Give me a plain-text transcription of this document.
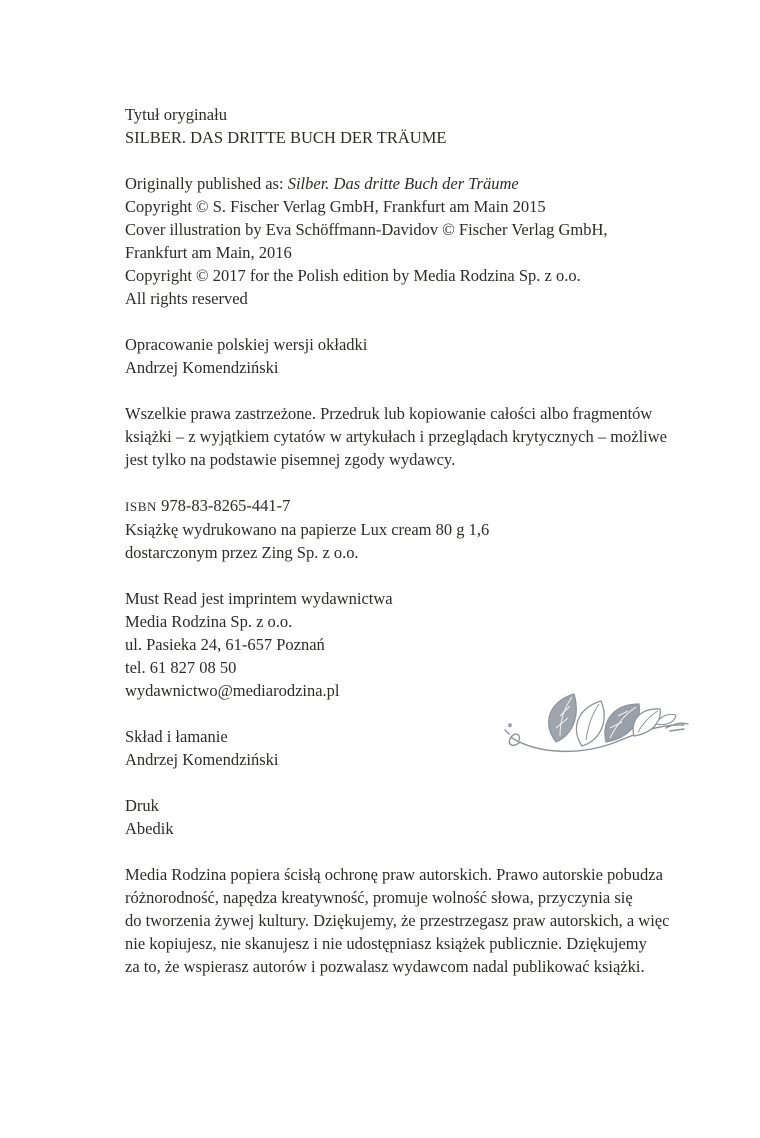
Tytuł oryginału
SILBER. DAS DRITTE BUCH DER TRÄUME
Originally published as: Silber. Das dritte Buch der Träume
Copyright © S. Fischer Verlag GmbH, Frankfurt am Main 2015
Cover illustration by Eva Schöffmann-Davidov © Fischer Verlag GmbH,
Frankfurt am Main, 2016
Copyright © 2017 for the Polish edition by Media Rodzina Sp. z o.o.
All rights reserved
Opracowanie polskiej wersji okładki
Andrzej Komendziński
Wszelkie prawa zastrzeżone. Przedruk lub kopiowanie całości albo fragmentów
książki – z wyjątkiem cytatów w artykułach i przeglądach krytycznych – możliwe
jest tylko na podstawie pisemnej zgody wydawcy.
ISBN 978-83-8265-441-7
Książkę wydrukowano na papierze Lux cream 80 g 1,6
dostarczonym przez Zing Sp. z o.o.
Must Read jest imprintem wydawnictwa
Media Rodzina Sp. z o.o.
ul. Pasieka 24, 61-657 Poznań
tel. 61 827 08 50
wydawnictwo@mediarodzina.pl
Skład i łamanie
Andrzej Komendziński
Druk
Abedik
Media Rodzina popiera ścisłą ochronę praw autorskich. Prawo autorskie pobudza
różnorodność, napędza kreatywność, promuje wolność słowa, przyczynia się
do tworzenia żywej kultury. Dziękujemy, że przestrzegasz praw autorskich, a więc
nie kopiujesz, nie skanujesz i nie udostępniasz książek publicznie. Dziękujemy
za to, że wspierasz autorów i pozwalasz wydawcom nadal publikować książki.
